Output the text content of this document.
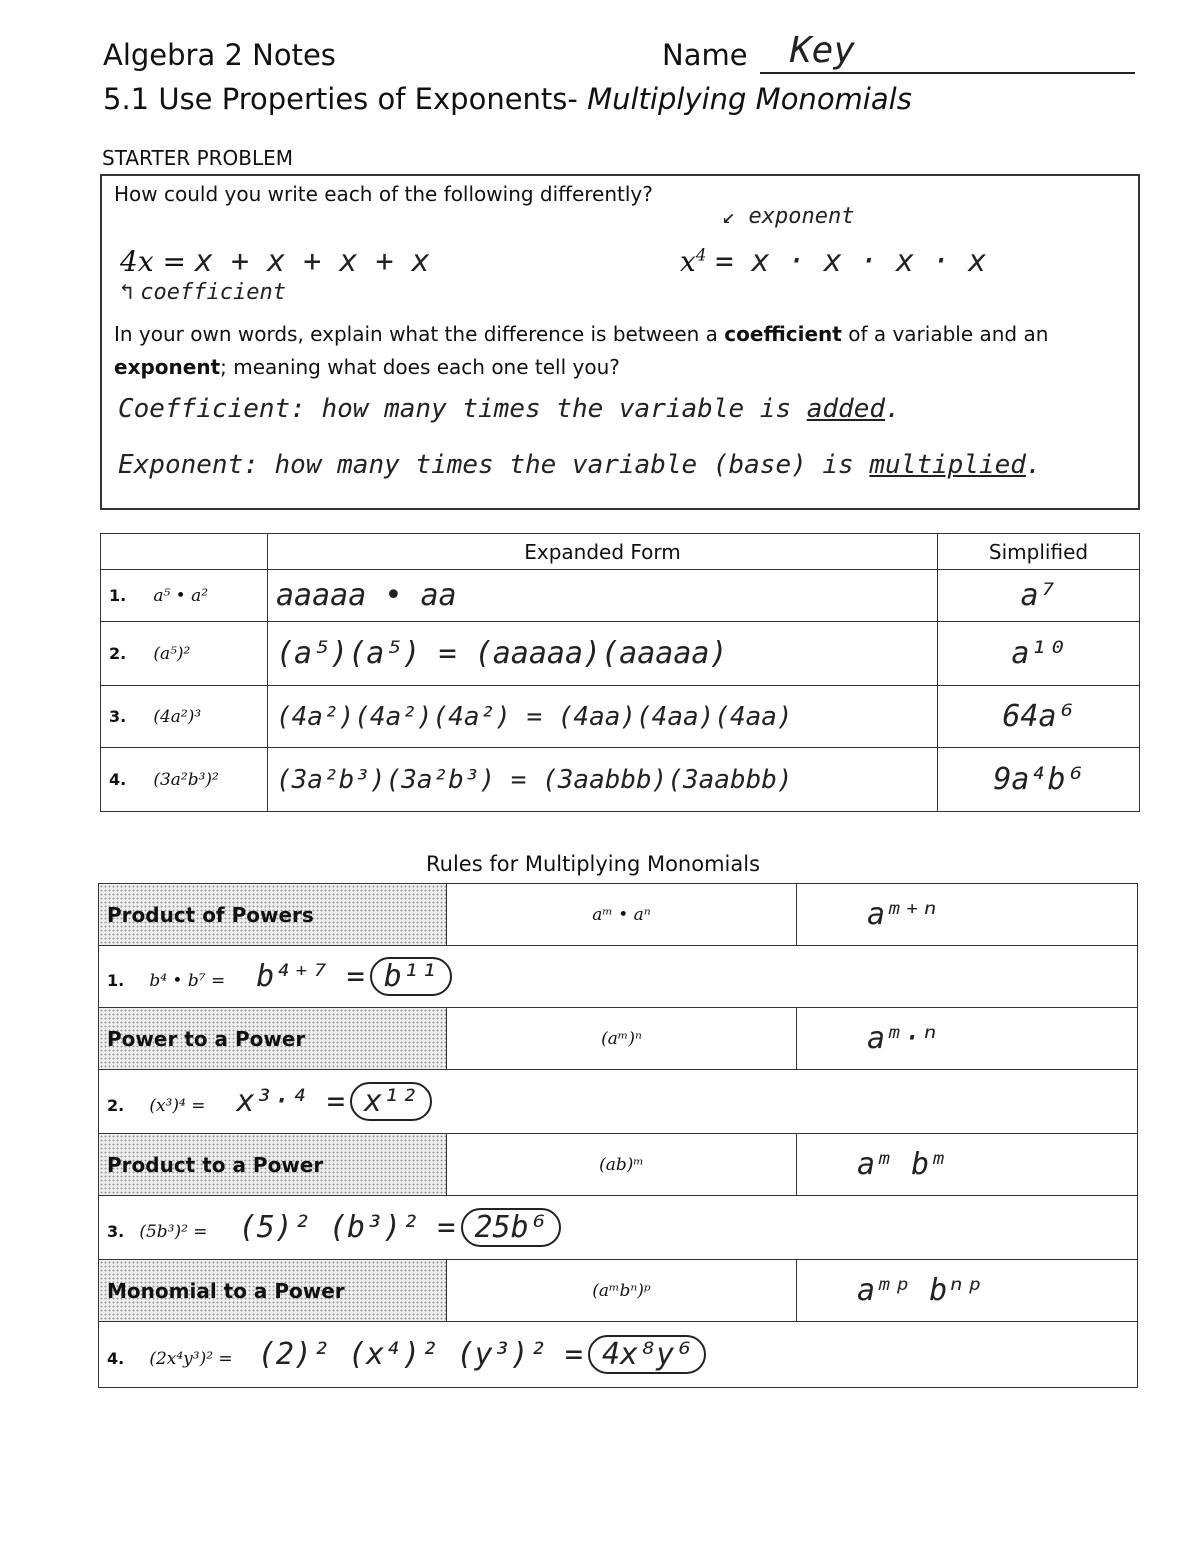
Algebra 2 Notes	Name Key
5.1 Use Properties of Exponents- Multiplying Monomials
STARTER PROBLEM
How could you write each of the following differently?
4x = x + x + x + x
↰ coefficient
↙ exponent
$x^4 = x \cdot x \cdot x \cdot x$
In your own words, explain what the difference is between a coefficient of a variable and an exponent; meaning what does each one tell you?
Coefficient: how many times the variable is added.
Exponent: how many times the variable (base) is multiplied.
	Expanded Form	Simplified
1. a⁵ • a²	aaaaa • aa	a⁷
2. (a⁵)²	(a⁵)(a⁵) = (aaaaa)(aaaaa)	a¹⁰
3. (4a²)³	(4a²)(4a²)(4a²) = (4aa)(4aa)(4aa)	64a⁶
4. (3a²b³)²	(3a²b³)(3a²b³) = (3aabbb)(3aabbb)	9a⁴b⁶
Rules for Multiplying Monomials
Product of Powers	aᵐ • aⁿ	aᵐ⁺ⁿ
1. b⁴ • b⁷ = b⁴⁺⁷ = b¹¹		
Power to a Power	(aᵐ)ⁿ	aᵐ·ⁿ
2. (x³)⁴ = x³·⁴ = x¹²		
Product to a Power	(ab)ᵐ	aᵐ bᵐ
3. (5b³)² = (5)² (b³)² = 25b⁶		
Monomial to a Power	(aᵐbⁿ)ᵖ	aᵐᵖ bⁿᵖ
4. (2x⁴y³)² = (2)² (x⁴)² (y³)² = 4x⁸y⁶		
